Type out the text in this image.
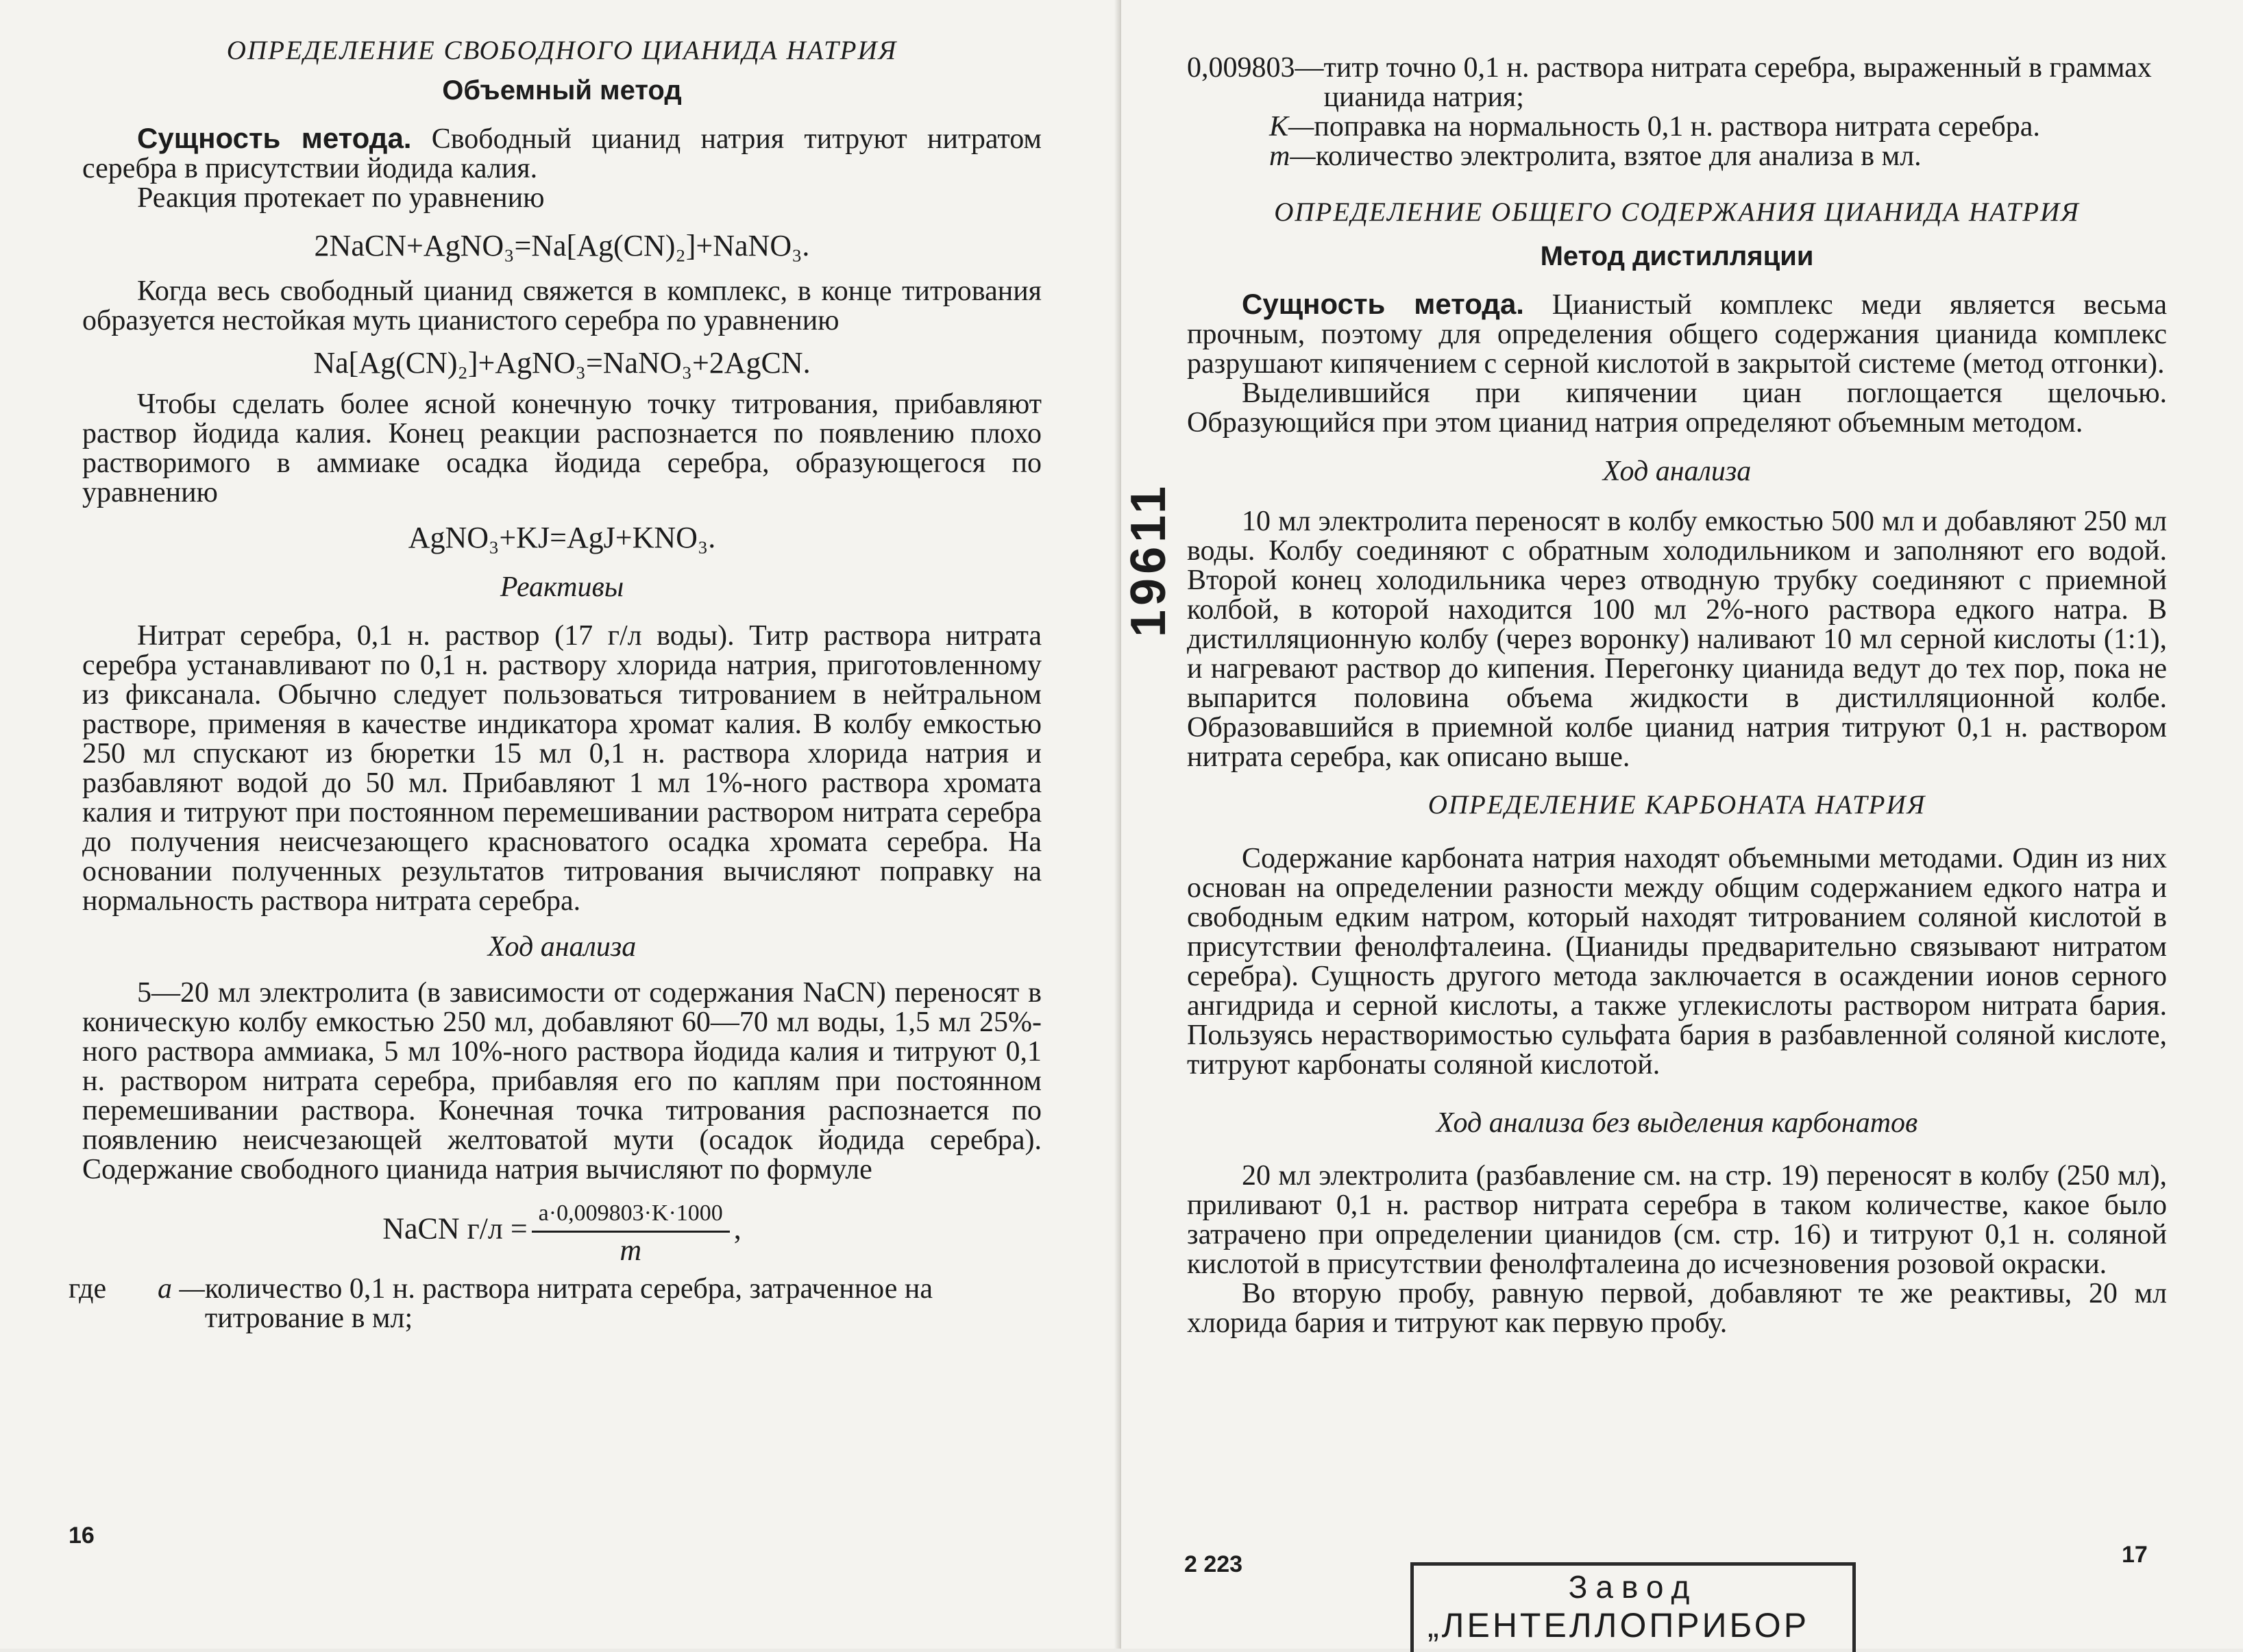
ОПРЕДЕЛЕНИЕ СВОБОДНОГО ЦИАНИДА НАТРИЯ
Объемный метод

Сущность метода. Свободный цианид натрия титруют нитратом серебра в присутствии йодида калия.

Реакция протекает по уравнению

2NaCN+AgNO₃=Na[Ag(CN)₂]+NaNO₃.

Когда весь свободный цианид свяжется в комплекс, в конце титрования образуется нестойкая муть цианистого серебра по уравнению

Na[Ag(CN)₂]+AgNO₃=NaNO₃+2AgCN.

Чтобы сделать более ясной конечную точку титрования, прибавляют раствор йодида калия. Конец реакции распознается по появлению плохо растворимого в аммиаке осадка йодида серебра, образующегося по уравнению

AgNO₃+KJ=AgJ+KNO₃.
Реактивы

Нитрат серебра, 0,1 н. раствор (17 г/л воды). Титр раствора нитрата серебра устанавливают по 0,1 н. раствору хлорида натрия, приготовленному из фиксанала. Обычно следует пользоваться титрованием в нейтральном растворе, применяя в качестве индикатора хромат калия. В колбу емкостью 250 мл спускают из бюретки 15 мл 0,1 н. раствора хлорида натрия и разбавляют водой до 50 мл. Прибавляют 1 мл 1%-ного раствора хромата калия и титруют при постоянном перемешивании раствором нитрата серебра до получения неисчезающего красноватого осадка хромата серебра. На основании полученных результатов титрования вычисляют поправку на нормальность раствора нитрата серебра.

Ход анализа

5—20 мл электролита (в зависимости от содержания NaCN) переносят в коническую колбу емкостью 250 мл, добавляют 60—70 мл воды, 1,5 мл 25%-ного раствора аммиака, 5 мл 10%-ного раствора йодида калия и титруют 0,1 н. раствором нитрата серебра, прибавляя его по каплям при постоянном перемешивании раствора. Конечная точка титрования распознается по появлению неисчезающей желтоватой мути (осадок йодида серебра). Содержание свободного цианида натрия вычисляют по формуле

NaCN $г/л = \frac{a\cdot 0,009803\cdot K\cdot 1000}{m}$ ,
где	a — количество 0,1 н. раствора нитрата серебра, затраченное на титрование в мл;
16
0,009803— титр точно 0,1 н. раствора нитрата серебра, выраженный в граммах цианида натрия;
K— поправка на нормальность 0,1 н. раствора нитрата серебра.
m— количество электролита, взятое для анализа в мл.
ОПРЕДЕЛЕНИЕ ОБЩЕГО СОДЕРЖАНИЯ ЦИАНИДА НАТРИЯ
Метод дистилляции

Сущность метода. Цианистый комплекс меди является весьма прочным, поэтому для определения общего содержания цианида комплекс разрушают кипячением с серной кислотой в закрытой системе (метод отгонки).

Выделившийся при кипячении циан поглощается щелочью. Образующийся при этом цианид натрия определяют объемным методом.

Ход анализа

10 мл электролита переносят в колбу емкостью 500 мл и добавляют 250 мл воды. Колбу соединяют с обратным холодильником и заполняют его водой. Второй конец холодильника через отводную трубку соединяют с приемной колбой, в которой находится 100 мл 2%-ного раствора едкого натра. В дистилляционную колбу (через воронку) наливают 10 мл серной кислоты (1:1), и нагревают раствор до кипения. Перегонку цианида ведут до тех пор, пока не выпарится половина объема жидкости в дистилляционной колбе. Образовавшийся в приемной колбе цианид натрия титруют 0,1 н. раствором нитрата серебра, как описано выше.

ОПРЕДЕЛЕНИЕ КАРБОНАТА НАТРИЯ

Содержание карбоната натрия находят объемными методами. Один из них основан на определении разности между общим содержанием едкого натра и свободным едким натром, который находят титрованием соляной кислотой в присутствии фенолфталеина. (Цианиды предварительно связывают нитратом серебра). Сущность другого метода заключается в осаждении ионов серного ангидрида и серной кислоты, а также углекислоты раствором нитрата бария. Пользуясь нерастворимостью сульфата бария в разбавленной соляной кислоте, титруют карбонаты соляной кислотой.

Ход анализа без выделения карбонатов

20 мл электролита (разбавление см. на стр. 19) переносят в колбу (250 мл), приливают 0,1 н. раствор нитрата серебра в таком количестве, какое было затрачено при определении цианидов (см. стр. 16) и титруют 0,1 н. соляной кислотой в присутствии фенолфталеина до исчезновения розовой окраски.

Во вторую пробу, равную первой, добавляют те же реактивы, 20 мл хлорида бария и титруют как первую пробу.

2 223	17
19611
Завод
„ЛЕНТЕЛЛОПРИБОР
